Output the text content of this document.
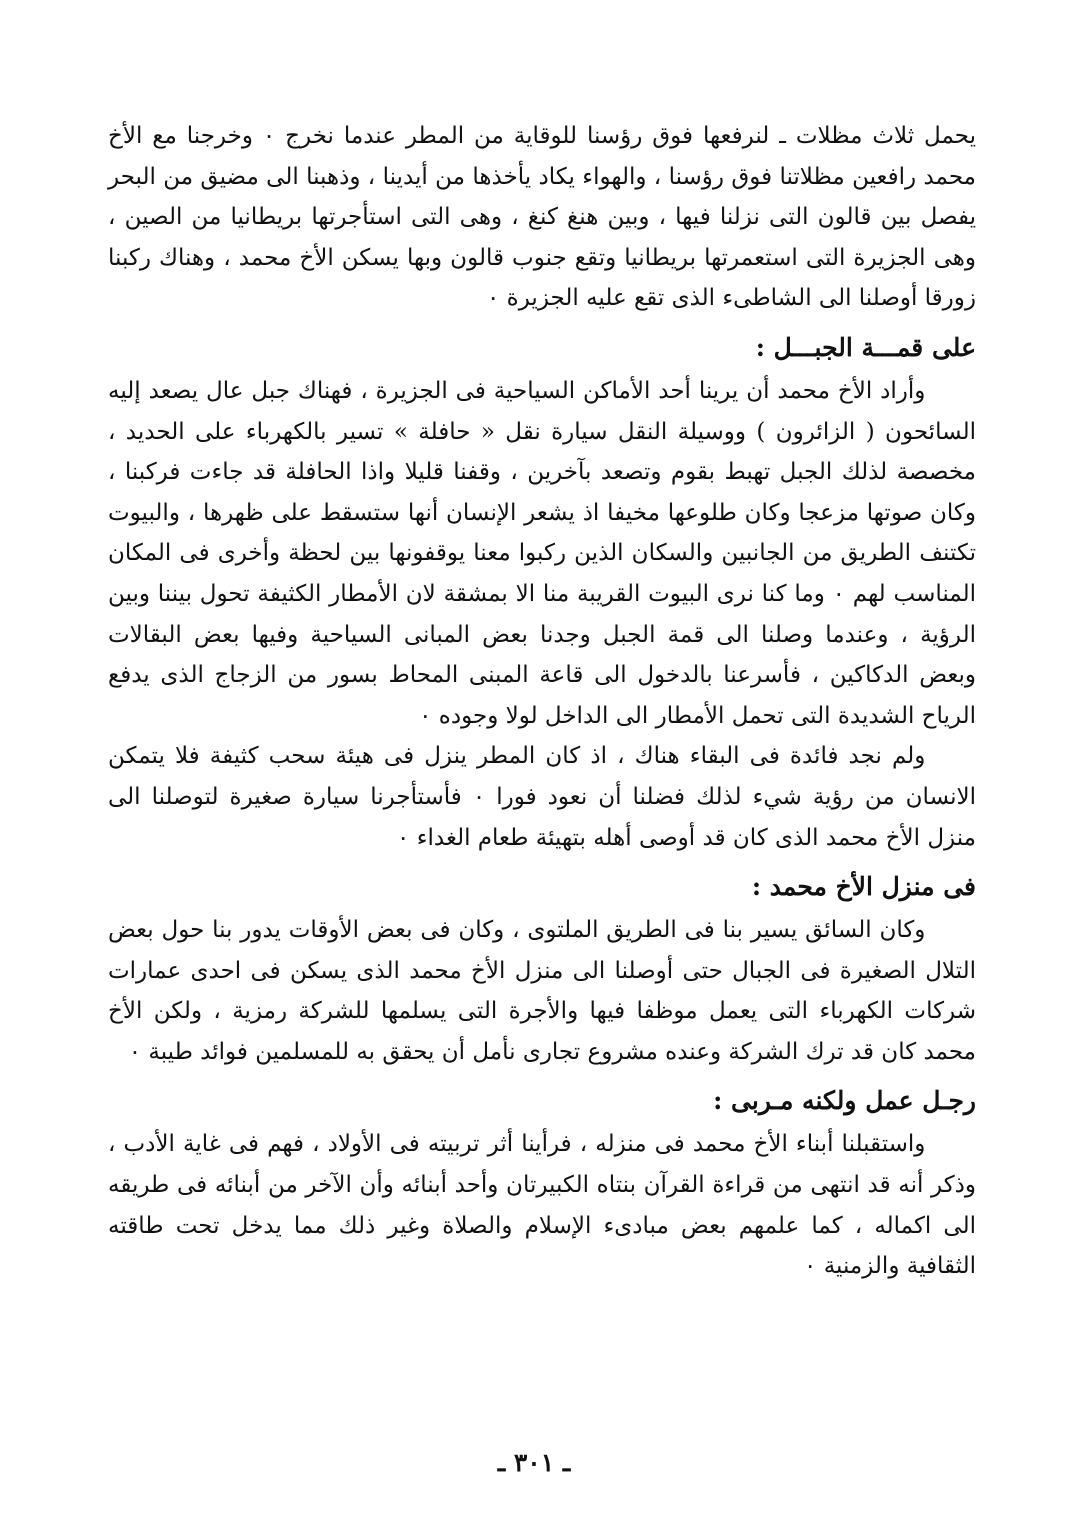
يحمل ثلاث مظلات ـ لنرفعها فوق رؤسنا للوقاية من المطر عندما نخرج ٠ وخرجنا مع الأخ محمد رافعين مظلاتنا فوق رؤسنا ، والهواء يكاد يأخذها من أيدينا ، وذهبنا الى مضيق من البحر يفصل بين قالون التى نزلنا فيها ، وبين هنغ كنغ ، وهى التى استأجرتها بريطانيا من الصين ، وهى الجزيرة التى استعمرتها بريطانيا وتقع جنوب قالون وبها يسكن الأخ محمد ، وهناك ركبنا زورقا أوصلنا الى الشاطىء الذى تقع عليه الجزيرة ٠

على قمـــة الجبـــل :

وأراد الأخ محمد أن يرينا أحد الأماكن السياحية فى الجزيرة ، فهناك جبل عال يصعد إليه السائحون ( الزائرون ) ووسيلة النقل سيارة نقل « حافلة » تسير بالكهرباء على الحديد ، مخصصة لذلك الجبل تهبط بقوم وتصعد بآخرين ، وقفنا قليلا واذا الحافلة قد جاءت فركبنا ، وكان صوتها مزعجا وكان طلوعها مخيفا اذ يشعر الإنسان أنها ستسقط على ظهرها ، والبيوت تكتنف الطريق من الجانبين والسكان الذين ركبوا معنا يوقفونها بين لحظة وأخرى فى المكان المناسب لهم ٠ وما كنا نرى البيوت القريبة منا الا بمشقة لان الأمطار الكثيفة تحول بيننا وبين الرؤية ، وعندما وصلنا الى قمة الجبل وجدنا بعض المبانى السياحية وفيها بعض البقالات وبعض الدكاكين ، فأسرعنا بالدخول الى قاعة المبنى المحاط بسور من الزجاج الذى يدفع الرياح الشديدة التى تحمل الأمطار الى الداخل لولا وجوده ٠

ولم نجد فائدة فى البقاء هناك ، اذ كان المطر ينزل فى هيئة سحب كثيفة فلا يتمكن الانسان من رؤية شيء لذلك فضلنا أن نعود فورا ٠ فأستأجرنا سيارة صغيرة لتوصلنا الى منزل الأخ محمد الذى كان قد أوصى أهله بتهيئة طعام الغداء ٠

فى منزل الأخ محمد :

وكان السائق يسير بنا فى الطريق الملتوى ، وكان فى بعض الأوقات يدور بنا حول بعض التلال الصغيرة فى الجبال حتى أوصلنا الى منزل الأخ محمد الذى يسكن فى احدى عمارات شركات الكهرباء التى يعمل موظفا فيها والأجرة التى يسلمها للشركة رمزية ، ولكن الأخ محمد كان قد ترك الشركة وعنده مشروع تجارى نأمل أن يحقق به للمسلمين فوائد طيبة ٠

رجـل عمل ولكنه مـربى :

واستقبلنا أبناء الأخ محمد فى منزله ، فرأينا أثر تربيته فى الأولاد ، فهم فى غاية الأدب ، وذكر أنه قد انتهى من قراءة القرآن بنتاه الكبيرتان وأحد أبنائه وأن الآخر من أبنائه فى طريقه الى اكماله ، كما علمهم بعض مبادىء الإسلام والصلاة وغير ذلك مما يدخل تحت طاقته الثقافية والزمنية ٠

ـ ٣٠١ ـ
